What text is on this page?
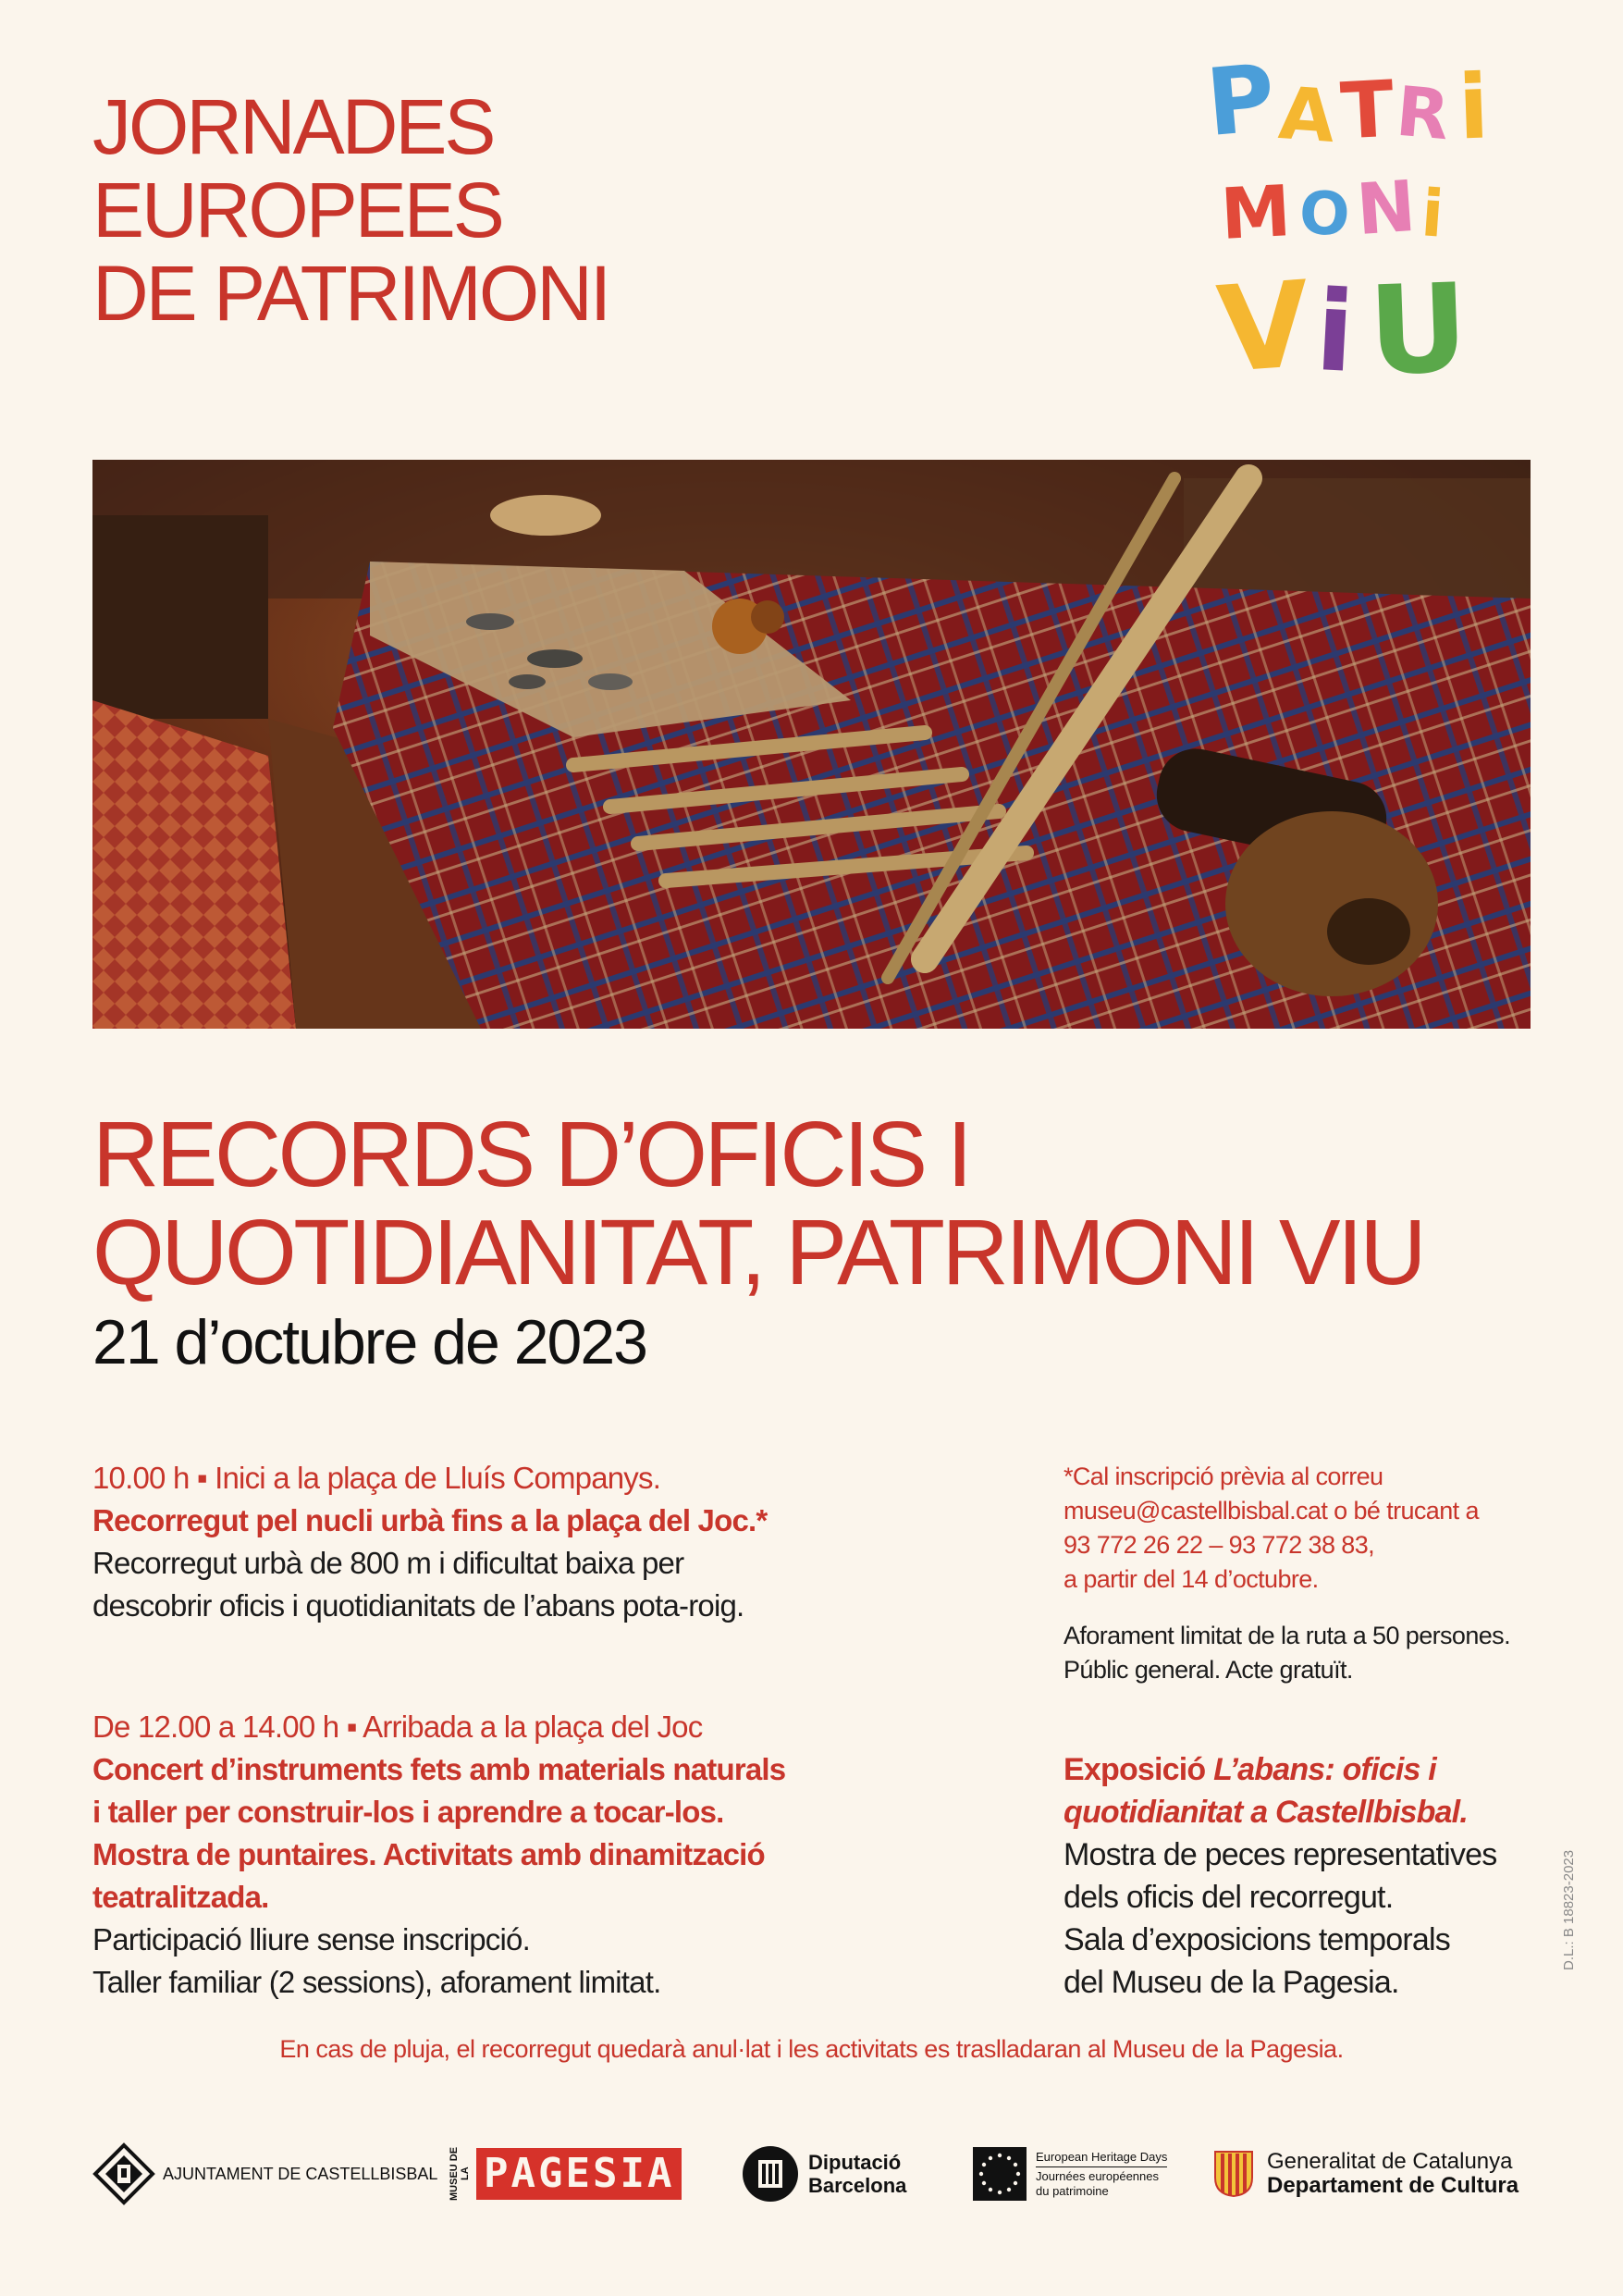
JORNADES
EUROPEES
DE PATRIMONI
P
A T
R i
M O N i
V
i U
RECORDS D’OFICIS I
QUOTIDIANITAT, PATRIMONI VIU

21 d’octubre de 2023

10.00 h ▪ Inici a la plaça de Lluís Companys.
Recorregut pel nucli urbà fins a la plaça del Joc.*
Recorregut urbà de 800 m i dificultat baixa per
descobrir oficis i quotidianitats de l’abans pota-roig.
De 12.00 a 14.00 h ▪ Arribada a la plaça del Joc
Concert d’instruments fets amb materials naturals
i taller per construir-los i aprendre a tocar-los.
Mostra de puntaires. Activitats amb dinamització
teatralitzada.
Participació lliure sense inscripció.
Taller familiar (2 sessions), aforament limitat.
*Cal inscripció prèvia al correu
museu@castellbisbal.cat o bé trucant a
93 772 26 22 – 93 772 38 83,
a partir del 14 d’octubre.
Aforament limitat de la ruta a 50 persones.
Públic general. Acte gratuït.
Exposició L’abans: oficis i
quotidianitat a Castellbisbal.
Mostra de peces representatives
dels oficis del recorregut.
Sala d’exposicions temporals
del Museu de la Pagesia.
En cas de pluja, el recorregut quedarà anul·lat i les activitats es traslladaran al Museu de la Pagesia.
D.L.: B 18823-2023
AJUNTAMENT DE CASTELLBISBAL MUSEU DE LA PAGESIA	Diputació
Barcelona
European Heritage Days
Journées européennes
du patrimoine
Generalitat de Catalunya
Departament de Cultura
